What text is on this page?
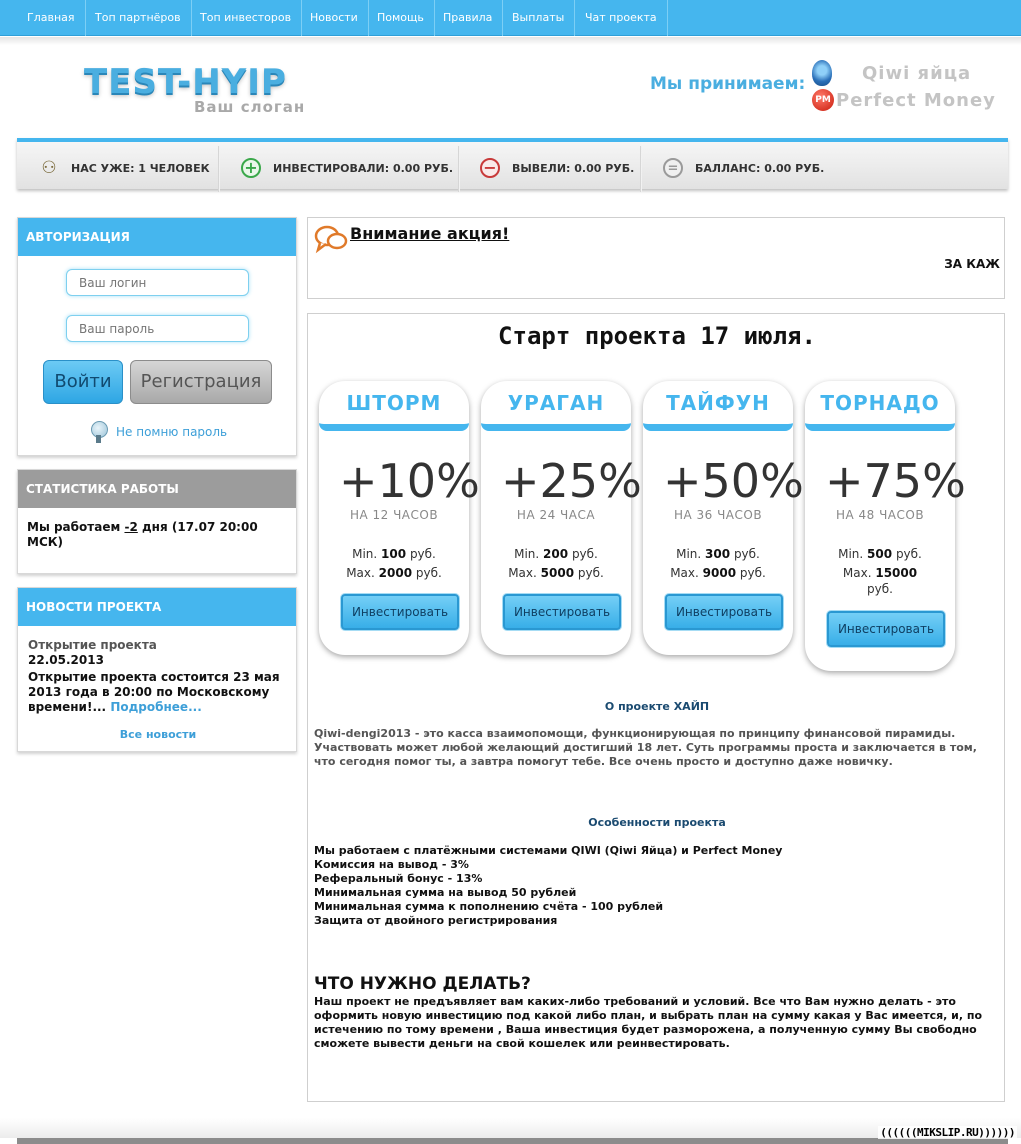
Главная	Топ партнёров	Топ инвесторов	Новости	Помощь	Правила	Выплаты	Чат проекта
TEST-HYIP
Ваш слоган
Мы принимаем:
PM
Qiwi яйца
Perfect Money
⚇ НАС УЖЕ: 1 ЧЕЛОВЕК + ИНВЕСТИРОВАЛИ: 0.00 РУБ. − ВЫВЕЛИ: 0.00 РУБ.	=	БАЛЛАНС: 0.00 РУБ.
АВТОРИЗАЦИЯ
Ваш логин
Войти	Регистрация
Не помню пароль
СТАТИСТИКА РАБОТЫ
Мы работаем -2 дня (17.07 20:00 МСК)
НОВОСТИ ПРОЕКТА
Открытие проекта
22.05.2013
Открытие проекта состоится 23 мая 2013 года в 20:00 по Московскому времени!... Подробнее...
Все новости
Внимание акция!
ЗА КАЖ
Старт проекта 17 июля.
ШТОРМ
+10%
НА 12 ЧАСОВ
Min. 100 руб.
Max. 2000 руб.
Инвестировать
УРАГАН
+25%
НА 24 ЧАСА
Min. 200 руб.
Max. 5000 руб.
Инвестировать
ТАЙФУН
+50%
НА 36 ЧАСОВ
Min. 300 руб.
Max. 9000 руб.
Инвестировать
ТОРНАДО
+75%
НА 48 ЧАСОВ
Min. 500 руб.
Max. 15000
руб.
Инвестировать
О проекте ХАЙП
Qiwi-dengi2013 - это касса взаимопомощи, функционирующая по принципу финансовой пирамиды. Участвовать может любой желающий достигший 18 лет. Суть программы проста и заключается в том, что сегодня помог ты, а завтра помогут тебе. Все очень просто и доступно даже новичку.
Особенности проекта
Мы работаем с платёжными системами QIWI (Qiwi Яйца) и Perfect Money
Комиссия на вывод - 3%
Реферальный бонус - 13%
Минимальная сумма на вывод 50 рублей
Минимальная сумма к пополнению счёта - 100 рублей
Защита от двойного регистрирования
ЧТО НУЖНО ДЕЛАТЬ?
Наш проект не предъявляет вам каких-либо требований и условий. Все что Вам нужно делать - это оформить новую инвестицию под какой либо план, и выбрать план на сумму какая у Вас имеется, и, по истечению по тому времени , Ваша инвестиция будет разморожена, а полученную сумму Вы свободно сможете вывести деньги на свой кошелек или реинвестировать.
((((((MIKSLIP.RU))))))
